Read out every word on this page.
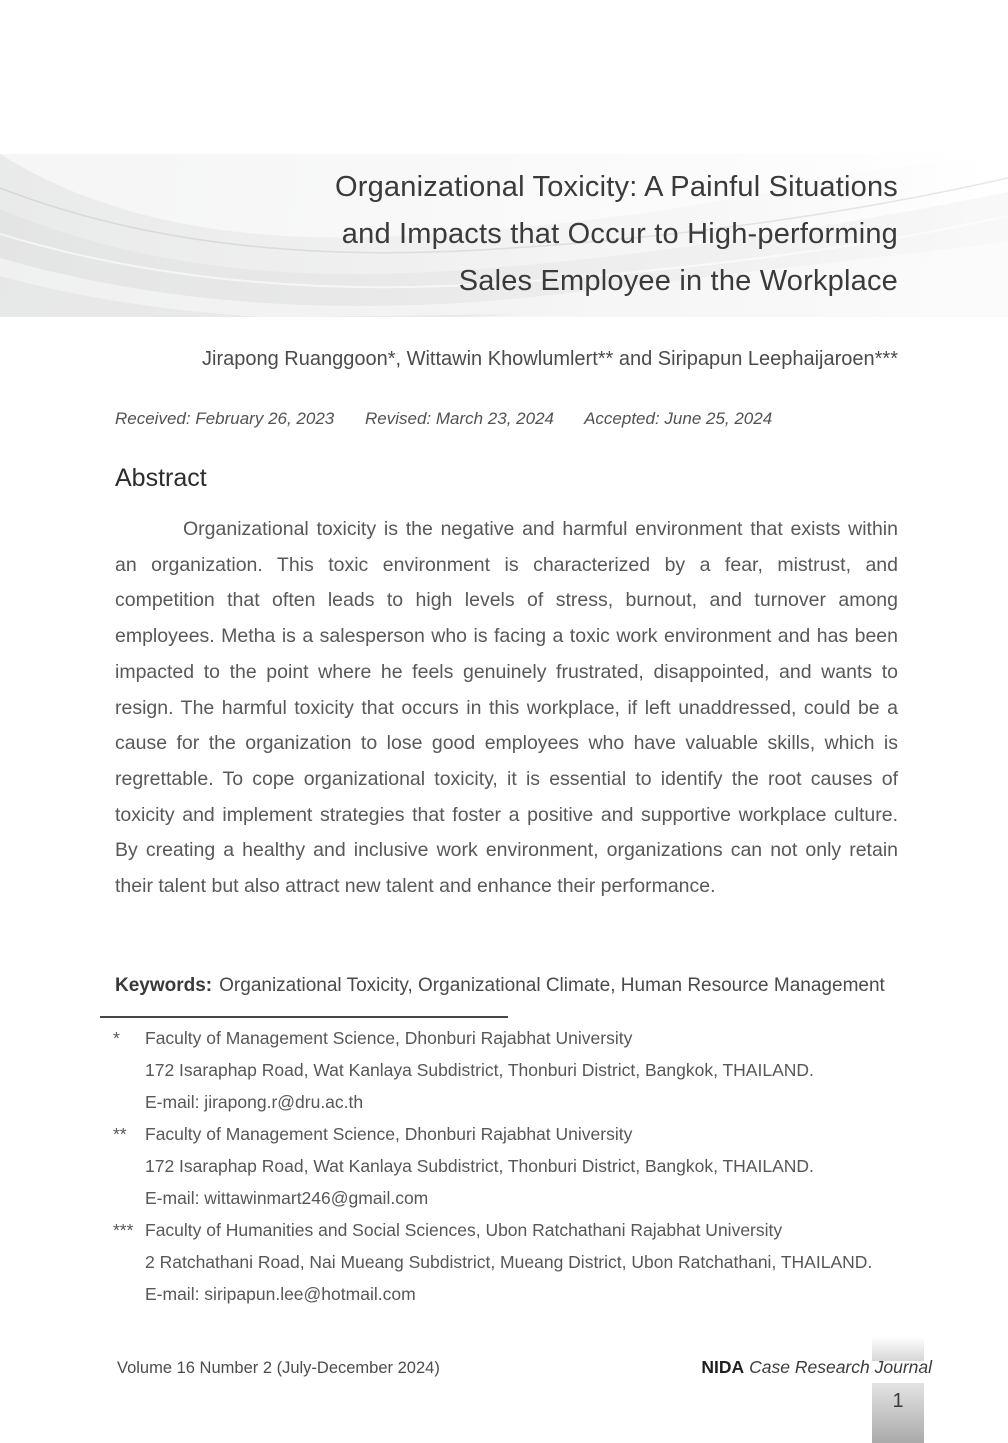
Organizational Toxicity: A Painful Situations
and Impacts that Occur to High-performing
Sales Employee in the Workplace
Jirapong Ruanggoon*, Wittawin Khowlumlert** and Siripapun Leephaijaroen***
Received: February 26, 2023 Revised: March 23, 2024 Accepted: June 25, 2024
Abstract
Organizational toxicity is the negative and harmful environment that exists within an organization. This toxic environment is characterized by a fear, mistrust, and competition that often leads to high levels of stress, burnout, and turnover among employees. Metha is a salesperson who is facing a toxic work environment and has been impacted to the point where he feels genuinely frustrated, disappointed, and wants to resign. The harmful toxicity that occurs in this workplace, if left unaddressed, could be a cause for the organization to lose good employees who have valuable skills, which is regrettable. To cope organizational toxicity, it is essential to identify the root causes of toxicity and implement strategies that foster a positive and supportive workplace culture. By creating a healthy and inclusive work environment, organizations can not only retain their talent but also attract new talent and enhance their performance.
Keywords: Organizational Toxicity, Organizational Climate, Human Resource Management
*	Faculty of Management Science, Dhonburi Rajabhat University
172 Isaraphap Road, Wat Kanlaya Subdistrict, Thonburi District, Bangkok, THAILAND.
E-mail: jirapong.r@dru.ac.th
**	Faculty of Management Science, Dhonburi Rajabhat University
172 Isaraphap Road, Wat Kanlaya Subdistrict, Thonburi District, Bangkok, THAILAND.
E-mail: wittawinmart246@gmail.com
*** Faculty of Humanities and Social Sciences, Ubon Ratchathani Rajabhat University
2 Ratchathani Road, Nai Mueang Subdistrict, Mueang District, Ubon Ratchathani, THAILAND.
E-mail: siripapun.lee@hotmail.com
Volume 16 Number 2 (July-December 2024)	NIDA Case Research Journal
1
